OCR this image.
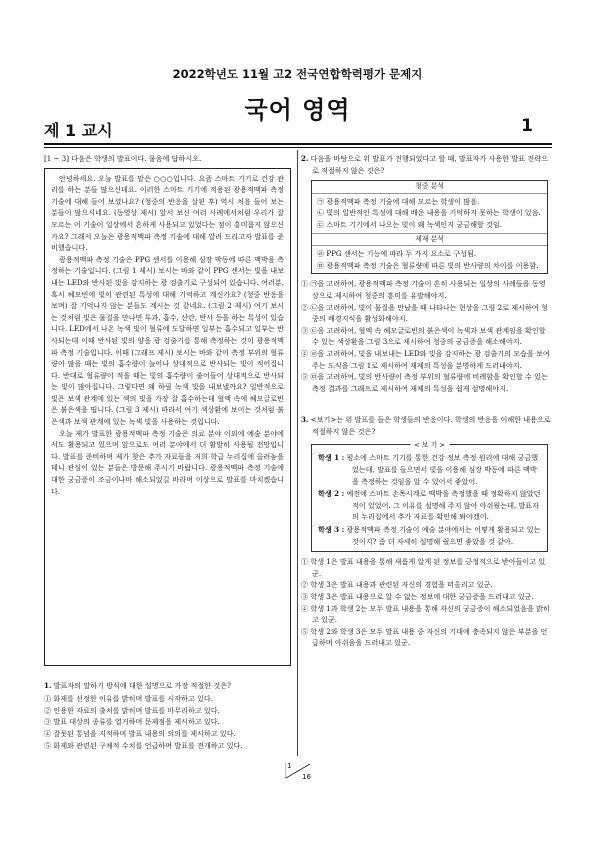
2022학년도 11월 고2 전국연합학력평가 문제지
국어 영역
제 1 교시	1
[1 ~ 3] 다음은 학생의 발표이다. 물음에 답하시오.

안녕하세요. 오늘 발표를 맡은 ○○○입니다. 요즘 스마트 기기로 건강 관리를 하는 분들 많으신데요. 이러한 스마트 기기에 적용된 광용적맥파 측정 기술에 대해 들어 보셨나요? (청중의 반응을 살핀 후) 역시 처음 들어 보는 분들이 많으시네요. (동영상 제시) 앞서 보신 여러 사례에서처럼 우리가 잘 모르는 이 기술이 일상에서 흔하게 사용되고 있었다는 점이 흥미롭지 않으신가요? 그래서 오늘은 광용적맥파 측정 기술에 대해 알려 드리고자 발표를 준비했습니다.

광용적맥파 측정 기술은 PPG 센서를 이용해 심장 박동에 따른 맥박을 측정하는 기술입니다. (그림 1 제시) 보시는 바와 같이 PPG 센서는 빛을 내보내는 LED와 반사된 빛을 감지하는 광 검출기로 구성되어 있습니다. 여러분, 혹시 헤모빈에 빛이 관련된 특성에 대해 기억하고 계신가요? (청중 반응을 보며) 잘 기억나지 않는 분들도 계시는 것 같네요. (그림 2 제시) 여기 보시는 것처럼 빛은 물질을 만나면 투과, 흡수, 산란, 반사 등을 하는 특성이 있습니다. LED에서 나온 녹색 빛이 혈류에 도달하면 일부는 흡수되고 일부는 반사되는데 이때 반사된 빛의 양을 광 검출기를 통해 측정하는 것이 광용적맥파 측정 기술입니다. 이때 (그래프 제시) 보시는 바와 같이 측정 부위의 혈류량이 많을 때는 빛의 흡수량이 늘어나 상대적으로 반사되는 빛이 적어집니다. 반대로 혈류량이 적을 때는 빛의 흡수량이 줄어들어 상대적으로 반사되는 빛이 많아집니다. 그렇다면 왜 하필 녹색 빛을 내보낼까요? 일반적으로 빛은 보색 관계에 있는 색의 빛을 가장 잘 흡수하는데 혈액 속에 헤모글로빈은 붉은색을 띱니다. (그림 3 제시) 따라서 여기 색상환에 보이는 것처럼 붉은색과 보색 관계에 있는 녹색 빛을 사용하는 것입니다.

오늘 제가 발표한 광용적맥파 측정 기술은 의료 분야 이외에 예술 분야에서도 활용되고 있으며 앞으로도 여러 분야에서 더 활발히 사용될 전망입니다. 발표를 준비하며 제가 찾은 추가 자료들을 저희 학급 누리집에 올려놓을 테니 관심이 있는 분들은 방문해 주시기 바랍니다. 광용적맥파 측정 기술에 대한 궁금증이 조금이나마 해소되었길 바라며 이상으로 발표를 마치겠습니다.

1. 발표자의 말하기 방식에 대한 설명으로 가장 적절한 것은?
① 화제를 선정한 이유를 밝히며 발표를 시작하고 있다.
② 인용한 자료의 출처를 밝히며 발표를 마무리하고 있다.
③ 발표 대상의 종류를 열거하며 문제점을 제시하고 있다.
④ 잘못된 통념을 지적하며 발표 내용의 의의를 제시하고 있다.
⑤ 화제와 관련된 구체적 수치를 언급하며 발표를 전개하고 있다.
2. 다음을 바탕으로 위 발표가 진행되었다고 할 때, 발표자가 사용한 발표 전략으로 적절하지 않은 것은?
청중 분석
㉠ 광용적맥파 측정 기술에 대해 모르는 학생이 많음.
㉡ 빛의 일반적인 특성에 대해 배운 내용을 기억하지 못하는 학생이 있음.
㉢ 스마트 기기에서 나오는 빛이 왜 녹색인지 궁금해할 것임.
제재 분석
㉣ PPG 센서는 기능에 따라 두 가지 요소로 구성됨.
㉤ 광용적맥파 측정 기술은 혈류량에 따른 빛의 반사량의 차이를 이용함.
① ㉠을 고려하여, 광용적맥파 측정 기술이 흔히 사용되는 일상의 사례들을 동영상으로 제시하여 청중의 흥미를 유발해야지.
② ㉡을 고려하여, 빛이 물질을 만났을 때 나타나는 현상을 그림 2로 제시하여 청중의 배경지식을 활성화해야지.
③ ㉢을 고려하여, 혈액 속 헤모글로빈의 붉은색이 녹색과 보색 관계임을 확인할 수 있는 색상환을 그림 3으로 제시하여 청중의 궁금증을 해소해야지.
④ ㉣을 고려하여, 빛을 내보내는 LED와 빛을 감지하는 광 검출기의 모습을 보여 주는 도식을 그림 1로 제시하여 재제의 특성을 분명하게 드러내야지.
⑤ ㉤을 고려하여, 빛의 반사량이 측정 부위의 혈류량에 비례함을 확인할 수 있는 측정 결과를 그래프로 제시하여 재제의 특성을 쉽게 설명해야지.
3. <보기>는 위 발표를 들은 학생들의 반응이다. 학생의 반응을 이해한 내용으로 적절하지 않은 것은?
< 보 기 >
학생 1 : 평소에 스마트 기기를 통한 건강 정보 측정 원리에 대해 궁금했었는데, 발표를 들으면서 빛을 이용해 심장 박동에 따른 맥박을 측정하는 것임을 알 수 있어서 좋았어.
학생 2 : 예전에 스마트 손목시계로 맥박을 측정했을 때 정확하지 않았던 적이 있었어. 그 이유를 설명해 주지 않아 아쉬웠는데, 발표자의 누리집에서 추가 자료를 확인해 봐야겠어.
학생 3 : 광용적맥파 측정 기술이 예술 분야에서는 어떻게 활용되고 있는 것이지? 좀 더 자세히 설명해 줬으면 좋았을 것 같아.
① 학생 1은 발표 내용을 통해 새롭게 알게 된 정보를 긍정적으로 받아들이고 있군.
② 학생 3은 발표 내용과 관련된 자신의 경험을 떠올리고 있군.
③ 학생 3은 발표 내용으로 알 수 없는 정보에 대한 궁금증을 드러내고 있군.
④ 학생 1과 학생 2는 모두 발표 내용을 통해 자신의 궁금증이 해소되었음을 밝히고 있군.
⑤ 학생 2와 학생 3은 모두 발표 내용 중 자신의 기대에 충족되지 않은 부분을 언급하며 아쉬움을 드러내고 있군.
1
16
